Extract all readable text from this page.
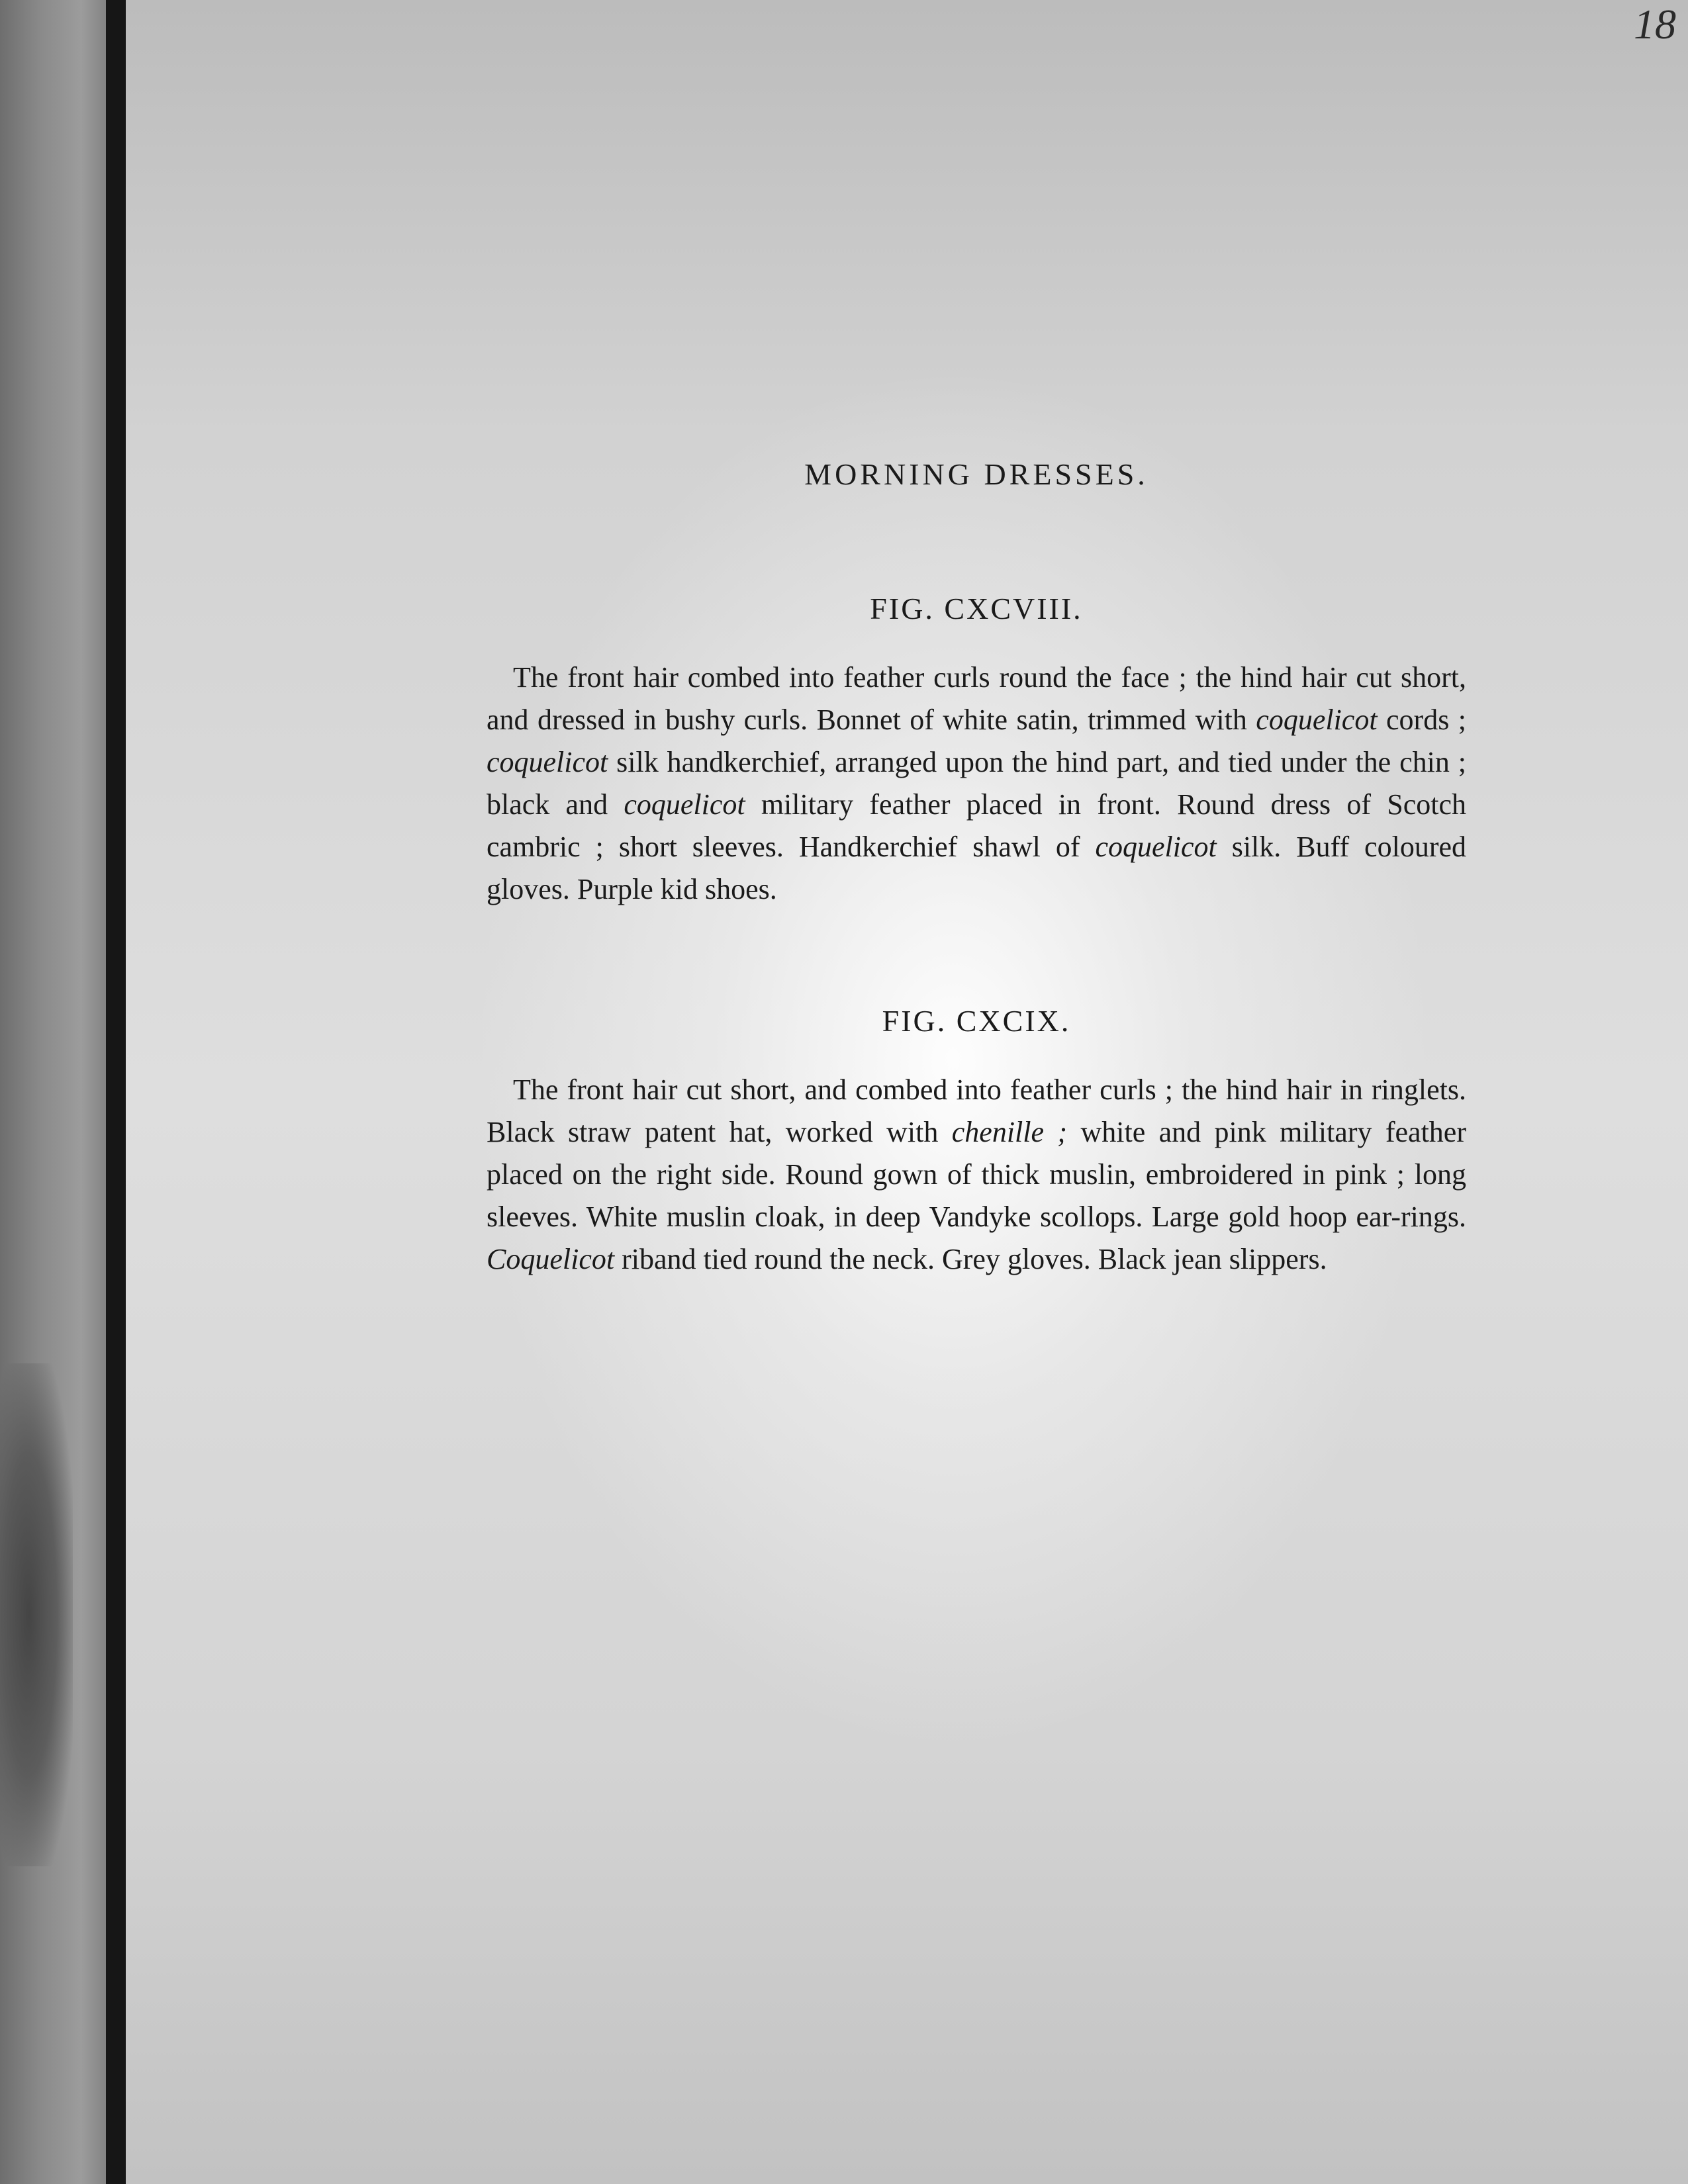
18
MORNING DRESSES.
FIG. CXCVIII.

The front hair combed into feather curls round the face ; the hind hair cut short, and dressed in bushy curls. Bonnet of white satin, trimmed with coquelicot cords ; coquelicot silk handkerchief, arranged upon the hind part, and tied under the chin ; black and coquelicot military feather placed in front. Round dress of Scotch cambric ; short sleeves. Handkerchief shawl of coquelicot silk. Buff coloured gloves. Purple kid shoes.

FIG. CXCIX.

The front hair cut short, and combed into feather curls ; the hind hair in ringlets. Black straw patent hat, worked with chenille ; white and pink military feather placed on the right side. Round gown of thick muslin, embroidered in pink ; long sleeves. White muslin cloak, in deep Vandyke scollops. Large gold hoop ear-rings. Coquelicot riband tied round the neck. Grey gloves. Black jean slippers.
